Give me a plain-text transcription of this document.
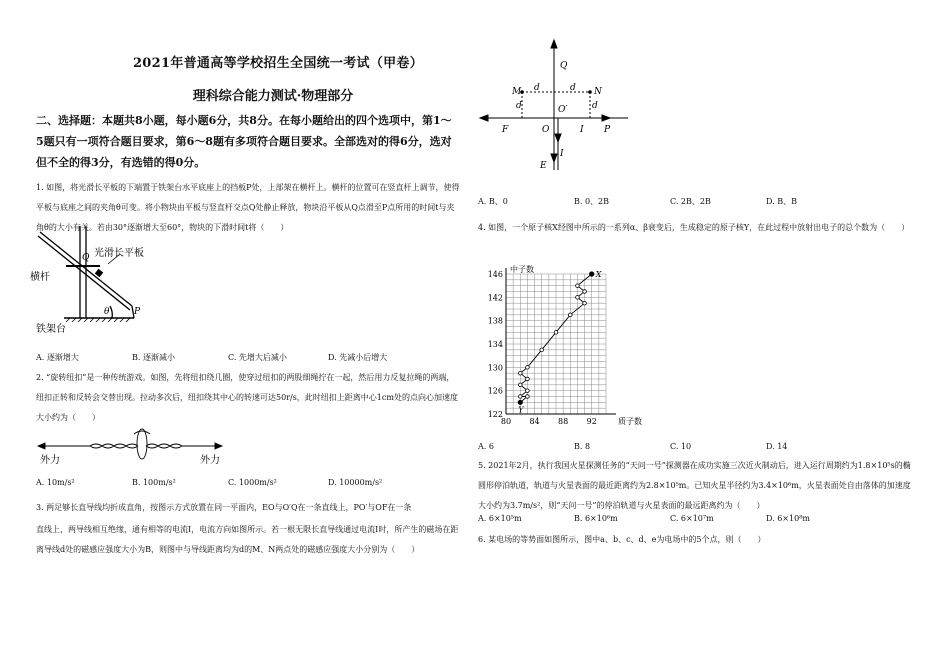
2021年普通高等学校招生全国统一考试（甲卷）
理科综合能力测试·物理部分
二、选择题：本题共8小题，每小题6分，共8分。在每小题给出的四个选项中，第1～5题只有一项符合题目要求，第6～8题有多项符合题目要求。全部选对的得6分，选对但不全的得3分，有选错的得0分。
1. 如图，将光滑长平板的下端置于铁架台水平底座上的挡板P处，上部架在横杆上。横杆的位置可在竖直杆上调节，使得平板与底座之间的夹角θ可变。将小物块由平板与竖直杆交点Q处静止释放，物块沿平板从Q点滑至P点所用的时间t与夹角θ的大小有关。若由30°逐渐增大至60°，物块的下滑时间t将（　　）
光滑长平板
横杆
铁架台
Q
P
θ
A. 逐渐增大	B. 逐渐减小	C. 先增大后减小	D. 先减小后增大
2. “旋转纽扣”是一种传统游戏。如图，先将纽扣绕几圈，使穿过纽扣的两股细绳拧在一起，然后用力反复拉绳的两端，纽扣正转和反转会交替出现。拉动多次后，纽扣绕其中心的转速可达50r/s，此时纽扣上距离中心1cm处的点向心加速度大小约为（　　）
外力	外力
A. 10m/s²	B. 100m/s²	C. 1000m/s²	D. 10000m/s²
3. 两足够长直导线均折成直角，按图示方式放置在同一平面内，EO与O′Q在一条直线上，PO′与OF在一条
直线上，两导线相互绝缘，通有相等的电流I，电流方向如图所示。若一根无限长直导线通过电流I时，所产生的磁场在距离导线d处的磁感应强度大小为B，则图中与导线距离均为d的M、N两点处的磁感应强度大小分别为（　　）
Q
M	N
d	d
d	d
O′
F	O	I P
I
E
A. B、0	B. 0、2B	C. 2B、2B	D. B、B
4. 如图，一个原子核X经图中所示的一系列α、β衰变后，生成稳定的原子核Y，在此过程中放射出电子的总个数为（　　）
80 84 88 92
122
126
130
134
138
142
146
质子数
中子数
X
Y
A. 6	B. 8	C. 10	D. 14
5. 2021年2月，执行我国火星探测任务的“天问一号”探测器在成功实施三次近火制动后，进入运行周期约为1.8×10⁵s的椭圆形停泊轨道，轨道与火星表面的最近距离约为2.8×10⁵m。已知火星半径约为3.4×10⁶m，火星表面处自由落体的加速度大小约为3.7m/s²，则“天问一号”的停泊轨道与火星表面的最远距离约为（　　）
A. 6×10⁵m	B. 6×10⁶m	C. 6×10⁷m	D. 6×10⁸m
6. 某电场的等势面如图所示，图中a、b、c、d、e为电场中的5个点，则（　　）
